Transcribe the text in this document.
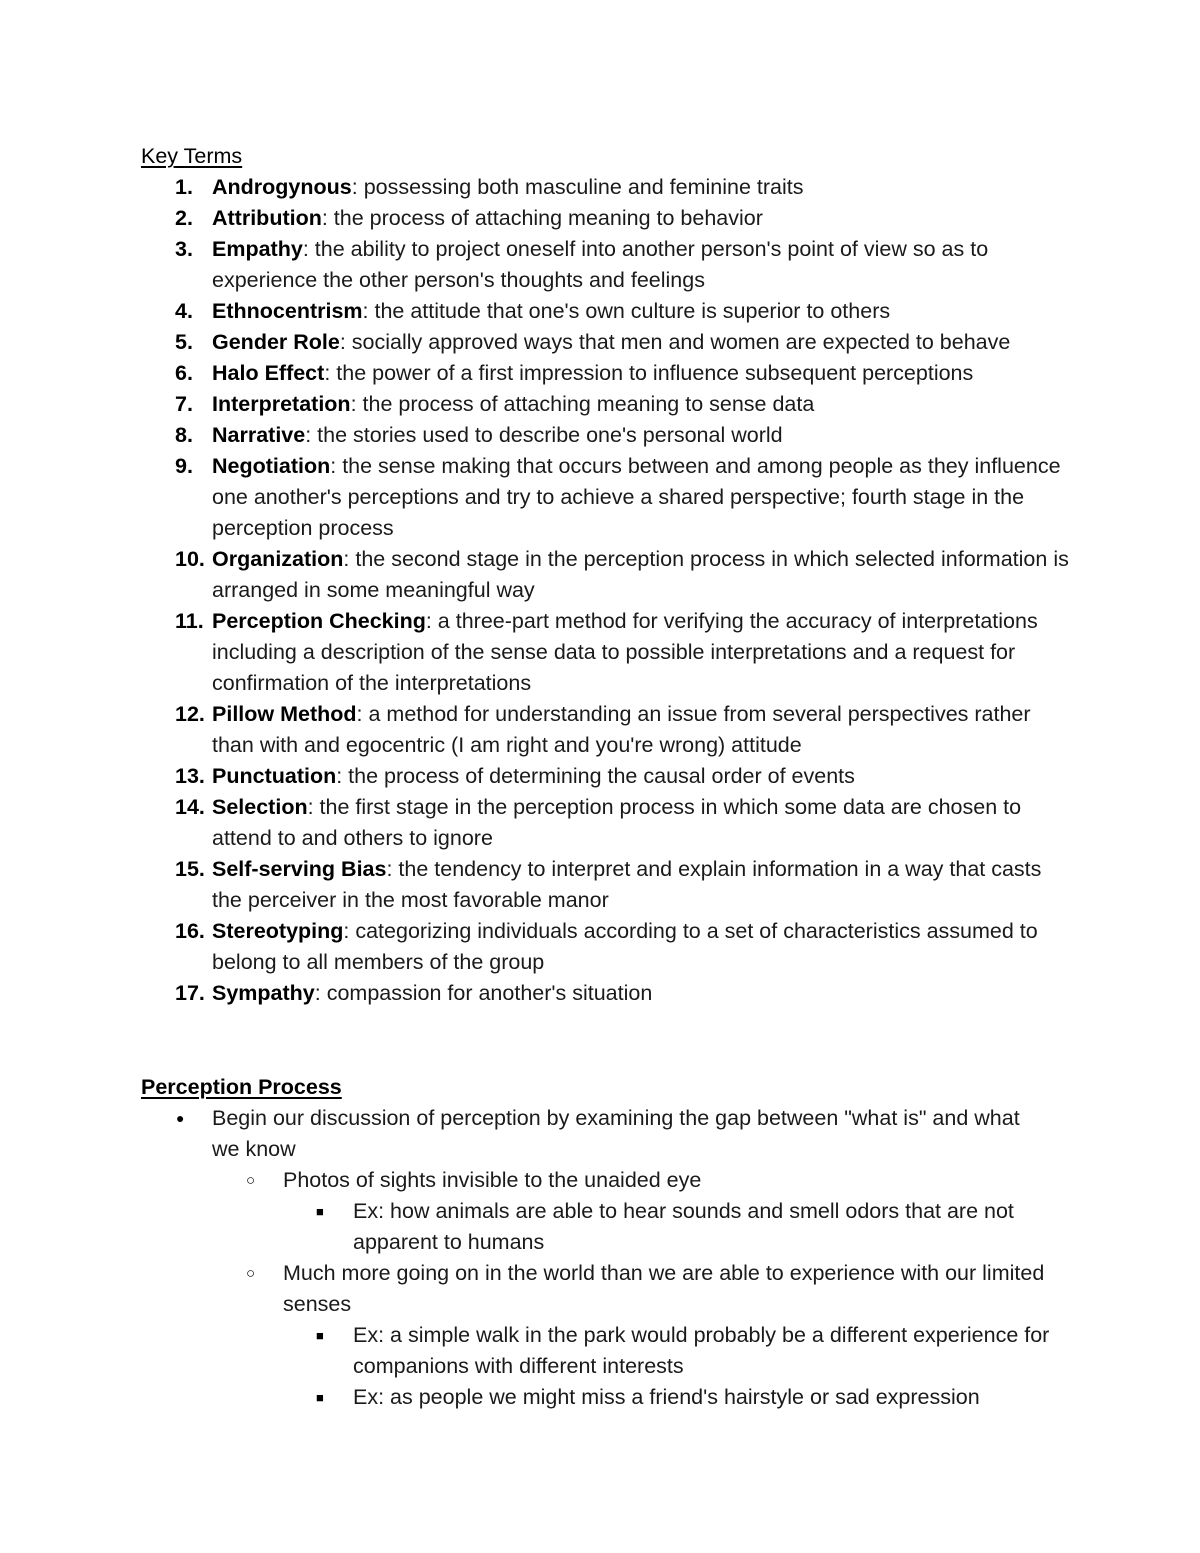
Key Terms
1. Androgynous: possessing both masculine and feminine traits
2. Attribution: the process of attaching meaning to behavior
3. Empathy: the ability to project oneself into another person's point of view so as to experience the other person's thoughts and feelings
4. Ethnocentrism: the attitude that one's own culture is superior to others
5. Gender Role: socially approved ways that men and women are expected to behave
6. Halo Effect: the power of a first impression to influence subsequent perceptions
7. Interpretation: the process of attaching meaning to sense data
8. Narrative: the stories used to describe one's personal world
9. Negotiation: the sense making that occurs between and among people as they influence one another's perceptions and try to achieve a shared perspective; fourth stage in the perception process
10. Organization: the second stage in the perception process in which selected information is arranged in some meaningful way
11. Perception Checking: a three-part method for verifying the accuracy of interpretations including a description of the sense data to possible interpretations and a request for confirmation of the interpretations
12. Pillow Method: a method for understanding an issue from several perspectives rather than with and egocentric (I am right and you're wrong) attitude
13. Punctuation: the process of determining the causal order of events
14. Selection: the first stage in the perception process in which some data are chosen to attend to and others to ignore
15. Self-serving Bias: the tendency to interpret and explain information in a way that casts the perceiver in the most favorable manor
16. Stereotyping: categorizing individuals according to a set of characteristics assumed to belong to all members of the group
17. Sympathy: compassion for another's situation
Perception Process
● Begin our discussion of perception by examining the gap between "what is" and what we know
○ Photos of sights invisible to the unaided eye
■ Ex: how animals are able to hear sounds and smell odors that are not apparent to humans
○ Much more going on in the world than we are able to experience with our limited senses
■ Ex: a simple walk in the park would probably be a different experience for companions with different interests
■ Ex: as people we might miss a friend's hairstyle or sad expression
